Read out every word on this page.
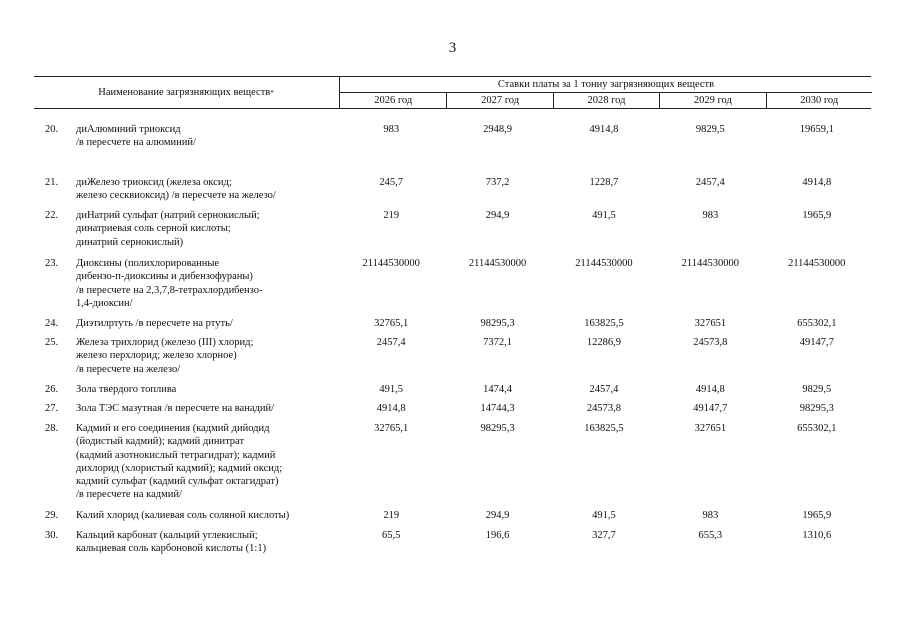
3
Наименование загрязняющих веществ *
Ставки платы за 1 тонну загрязняющих веществ
2026 год	2027 год	2028 год	2029 год	2030 год
20.	диАлюминий триоксид
/в пересчете на алюминий/
983	2948,9	4914,8	9829,5	19659,1
21.	диЖелезо триоксид (железа оксид;
железо сесквиоксид) /в пересчете на железо/
245,7	737,2	1228,7	2457,4	4914,8
22.	диНатрий сульфат (натрий сернокислый;
динатриевая соль серной кислоты;
динатрий сернокислый)
219	294,9	491,5	983	1965,9
23.	Диоксины (полихлорированные
дибензо-п-диоксины и дибензофураны)
/в пересчете на 2,3,7,8-тетрахлордибензо-
1,4-диоксин/
21144530000	21144530000	21144530000	21144530000	21144530000
24.	Диэтилртуть /в пересчете на ртуть/	32765,1	98295,3	163825,5	327651	655302,1
25.	Железа трихлорид (железо (III) хлорид;
железо перхлорид; железо хлорное)
/в пересчете на железо/
2457,4	7372,1	12286,9	24573,8	49147,7
26.	Зола твердого топлива	491,5	1474,4	2457,4	4914,8	9829,5
27.	Зола ТЭС мазутная /в пересчете на ванадий/	4914,8	14744,3	24573,8	49147,7	98295,3
28.	Кадмий и его соединения (кадмий дийодид
(йодистый кадмий); кадмий динитрат
(кадмий азотнокислый тетрагидрат); кадмий
дихлорид (хлористый кадмий); кадмий оксид;
кадмий сульфат (кадмий сульфат октагидрат)
/в пересчете на кадмий/
32765,1	98295,3	163825,5	327651	655302,1
29.	Калий хлорид (калиевая соль соляной кислоты)	219	294,9	491,5	983	1965,9
30.	Кальций карбонат (кальций углекислый;
кальциевая соль карбоновой кислоты (1:1)
65,5	196,6	327,7	655,3	1310,6
